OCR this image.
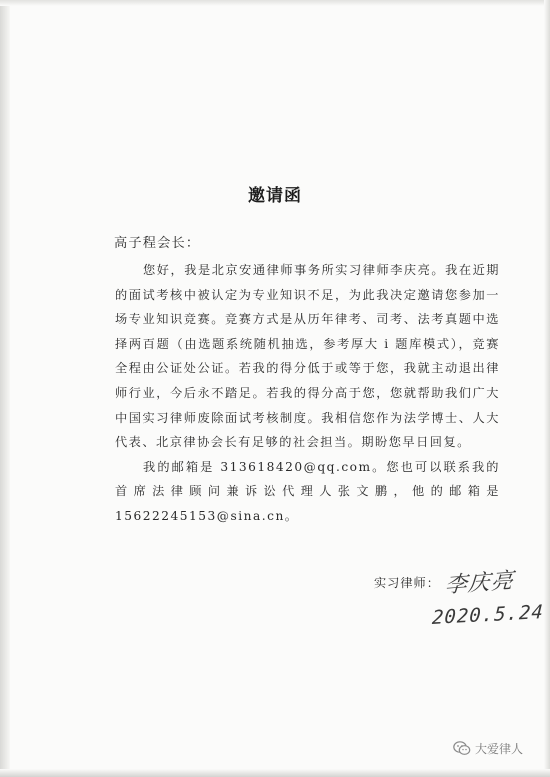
邀请函
高子程会长：

您好，我是北京安通律师事务所实习律师李庆亮。我在近期的面试考核中被认定为专业知识不足，为此我决定邀请您参加一场专业知识竞赛。竞赛方式是从历年律考、司考、法考真题中选择两百题（由选题系统随机抽选，参考厚大 i 题库模式），竞赛全程由公证处公证。若我的得分低于或等于您，我就主动退出律师行业，今后永不踏足。若我的得分高于您，您就帮助我们广大中国实习律师废除面试考核制度。我相信您作为法学博士、人大代表、北京律协会长有足够的社会担当。期盼您早日回复。

我的邮箱是 313618420@qq.com。您也可以联系我的首席法律顾问兼诉讼代理人张文鹏，他的邮箱是 15622245153@sina.cn。

实习律师： 李庆亮
2020.5.24
大爱律人
